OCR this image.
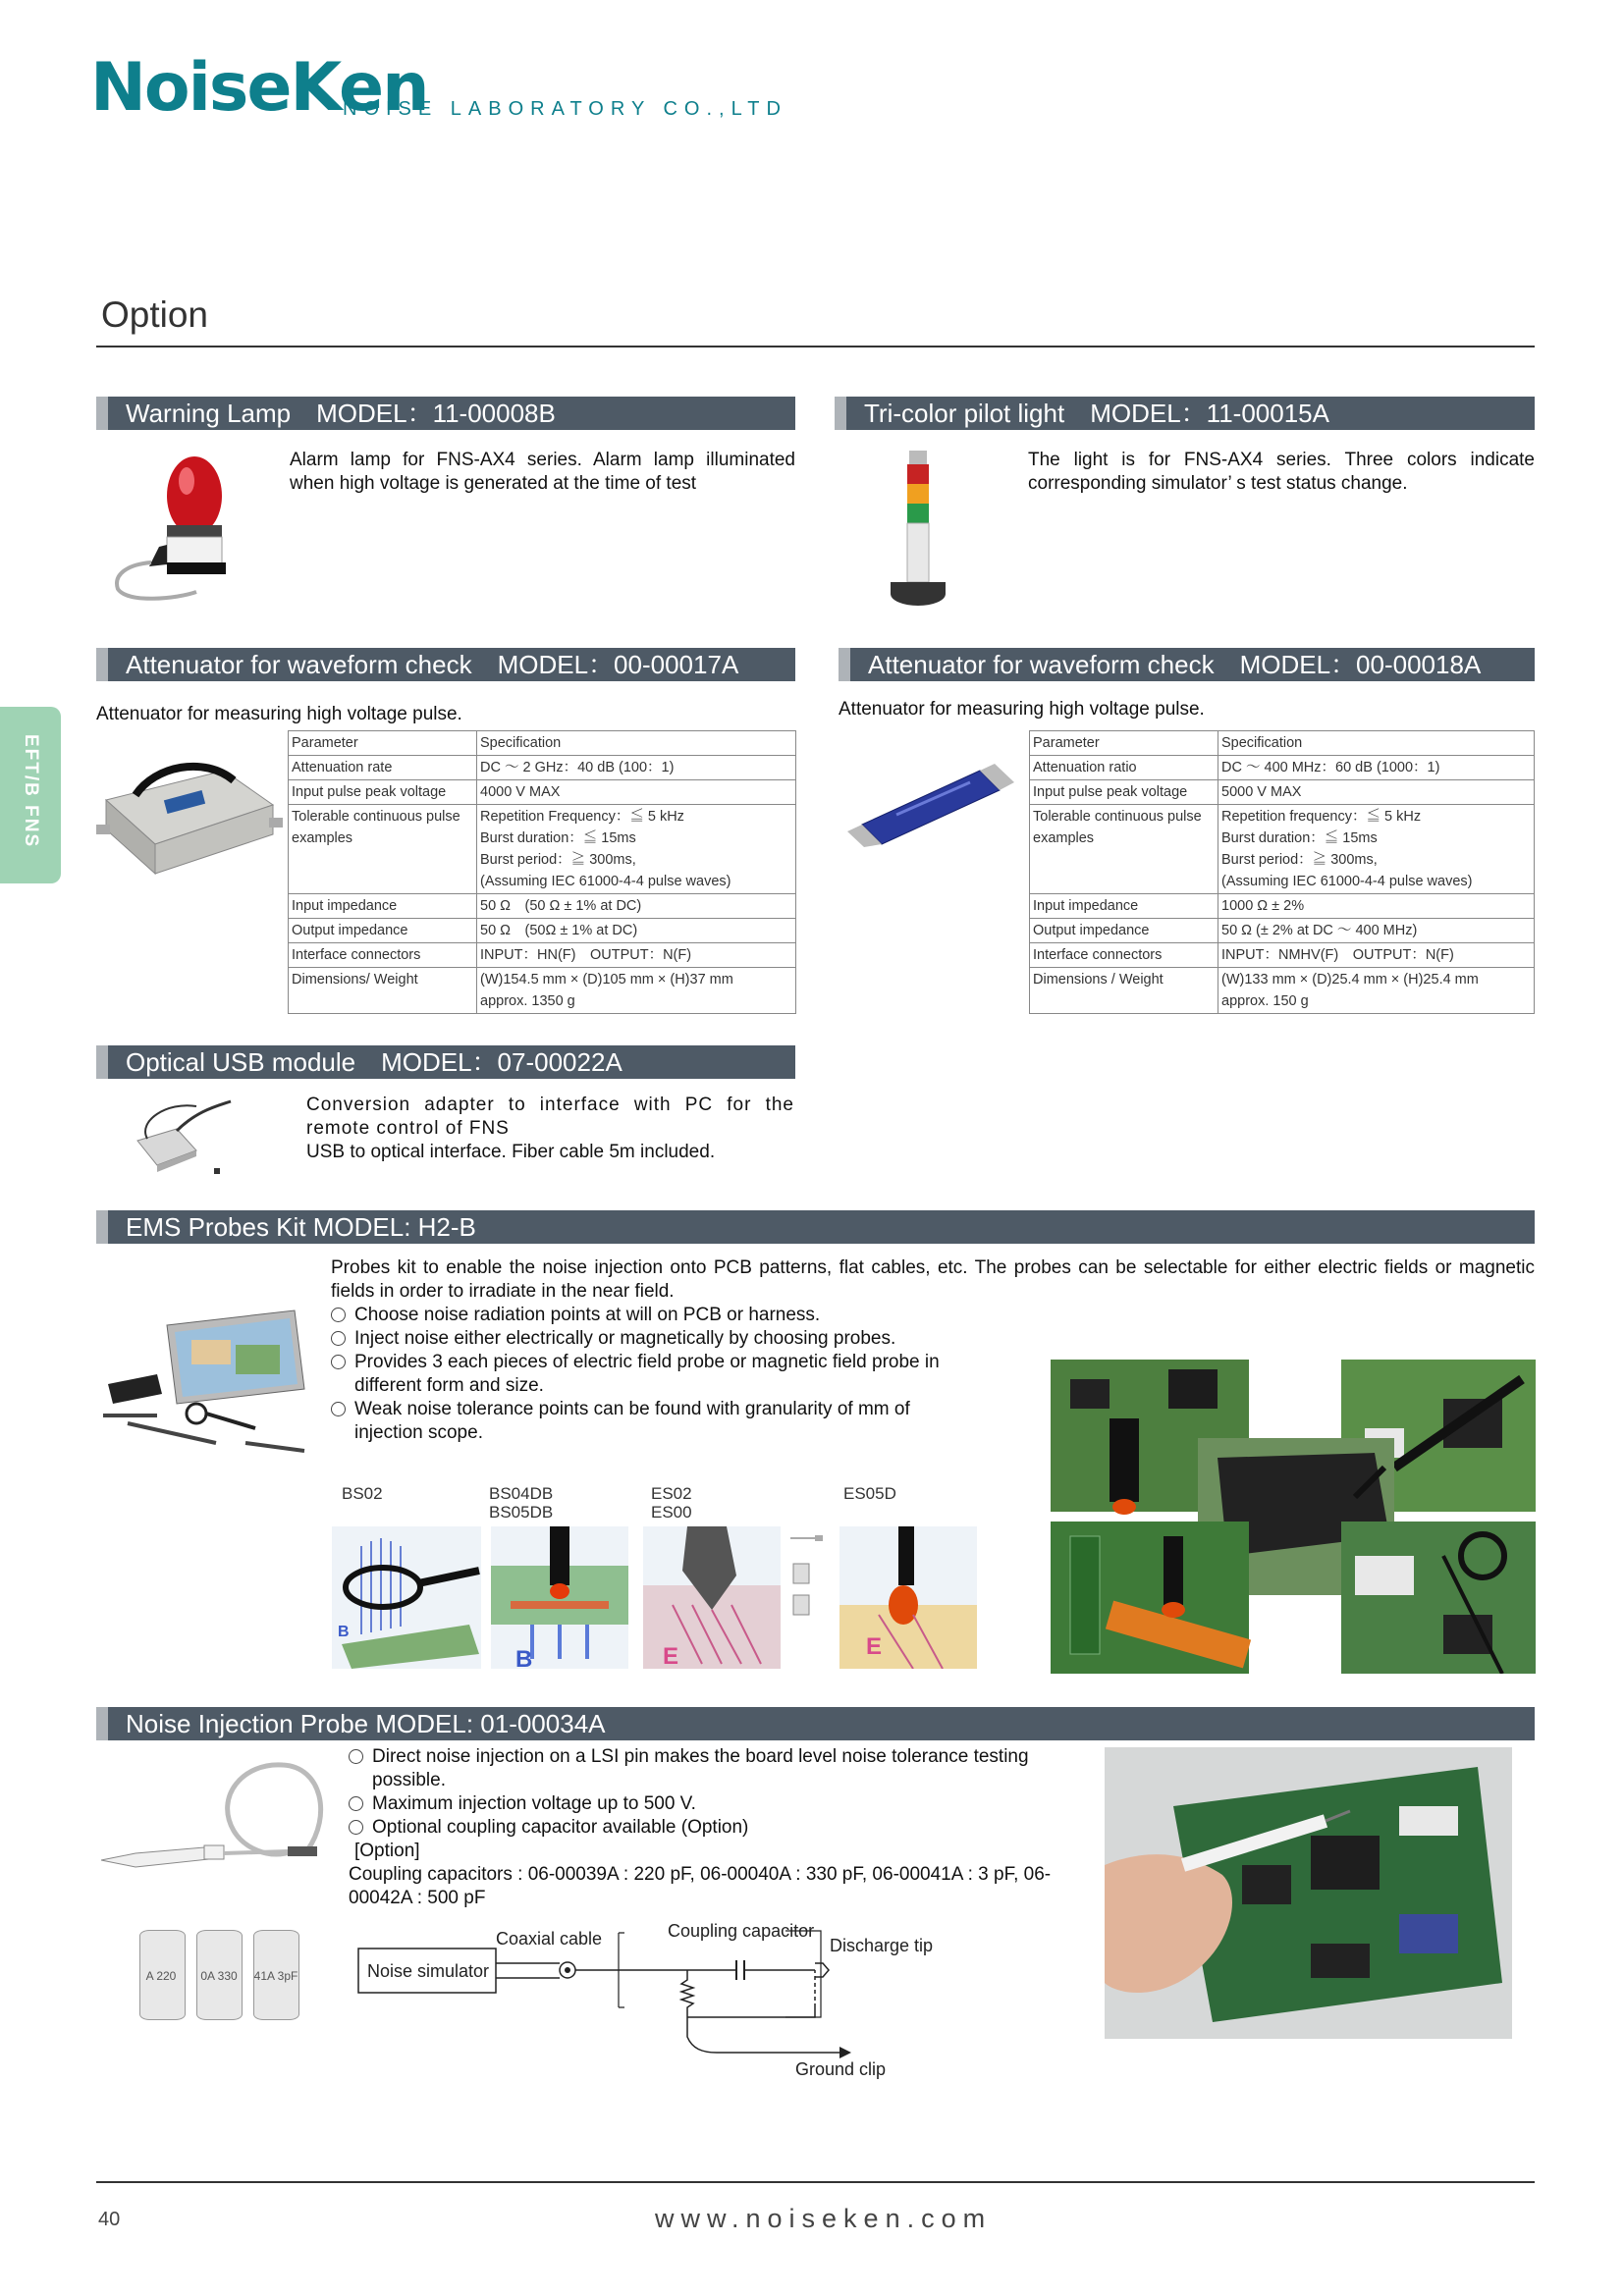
NoiseKen
NOISE LABORATORY CO.,LTD
Option
EFT/B FNS
Warning Lamp　MODEL：11-00008B
Alarm lamp for FNS-AX4 series. Alarm lamp illuminated when high voltage is generated at the time of test
Tri-color pilot light　MODEL：11-00015A
The light is for FNS-AX4 series. Three colors indicate corresponding simulator’ s test status change.
Attenuator for waveform check　MODEL：00-00017A
Attenuator for measuring high voltage pulse.
Parameter	Specification
Attenuation rate	DC ～ 2 GHz：40 dB (100：1)
Input pulse peak voltage	4000 V MAX
Tolerable continuous pulse examples	Repetition Frequency：≦ 5 kHz
Burst duration：≦ 15ms
Burst period：≧ 300ms,
(Assuming IEC 61000-4-4 pulse waves)
Input impedance	50 Ω　(50 Ω ± 1% at DC)
Output impedance	50 Ω　(50Ω ± 1% at DC)
Interface connectors	INPUT：HN(F)　OUTPUT：N(F)
Dimensions/ Weight	(W)154.5 mm × (D)105 mm × (H)37 mm
approx. 1350 g
Attenuator for waveform check　MODEL：00-00018A
Attenuator for measuring high voltage pulse.
Parameter	Specification
Attenuation ratio	DC ～ 400 MHz：60 dB (1000：1)
Input pulse peak voltage	5000 V MAX
Tolerable continuous pulse examples	Repetition frequency：≦ 5 kHz
Burst duration：≦ 15ms
Burst period：≧ 300ms,
(Assuming IEC 61000-4-4 pulse waves)
Input impedance	1000 Ω ± 2%
Output impedance	50 Ω (± 2% at DC ～ 400 MHz)
Interface connectors	INPUT：NMHV(F)　OUTPUT：N(F)
Dimensions / Weight	(W)133 mm × (D)25.4 mm × (H)25.4 mm
approx. 150 g
Optical USB module　MODEL：07-00022A
Conversion adapter to interface with PC for the remote control of FNS
USB to optical interface. Fiber cable 5m included.
EMS Probes Kit MODEL: H2-B
Probes kit to enable the noise injection onto PCB patterns, flat cables, etc. The probes can be selectable for either electric fields or magnetic fields in order to irradiate in the near field.
Choose noise radiation points at will on PCB or harness.
Inject noise either electrically or magnetically by choosing probes.
Provides 3 each pieces of electric field probe or magnetic field probe in different form and size.
Weak noise tolerance points can be found with granularity of mm of injection scope.
BS02	BS04DB
BS05DB
ES02
ES00
ES05D
B
B	E	E
Noise Injection Probe MODEL: 01-00034A
A 220	0A 330	41A 3pF
Direct noise injection on a LSI pin makes the board level noise tolerance testing possible.
Maximum injection voltage up to 500 V.
Optional coupling capacitor available (Option)
[Option]
Coupling capacitors : 06-00039A : 220 pF, 06-00040A : 330 pF, 06-00041A : 3 pF, 06-00042A : 500 pF
Noise simulator
Coaxial cable	Coupling capacitor
Discharge tip
Ground clip
40	www.noiseken.com
